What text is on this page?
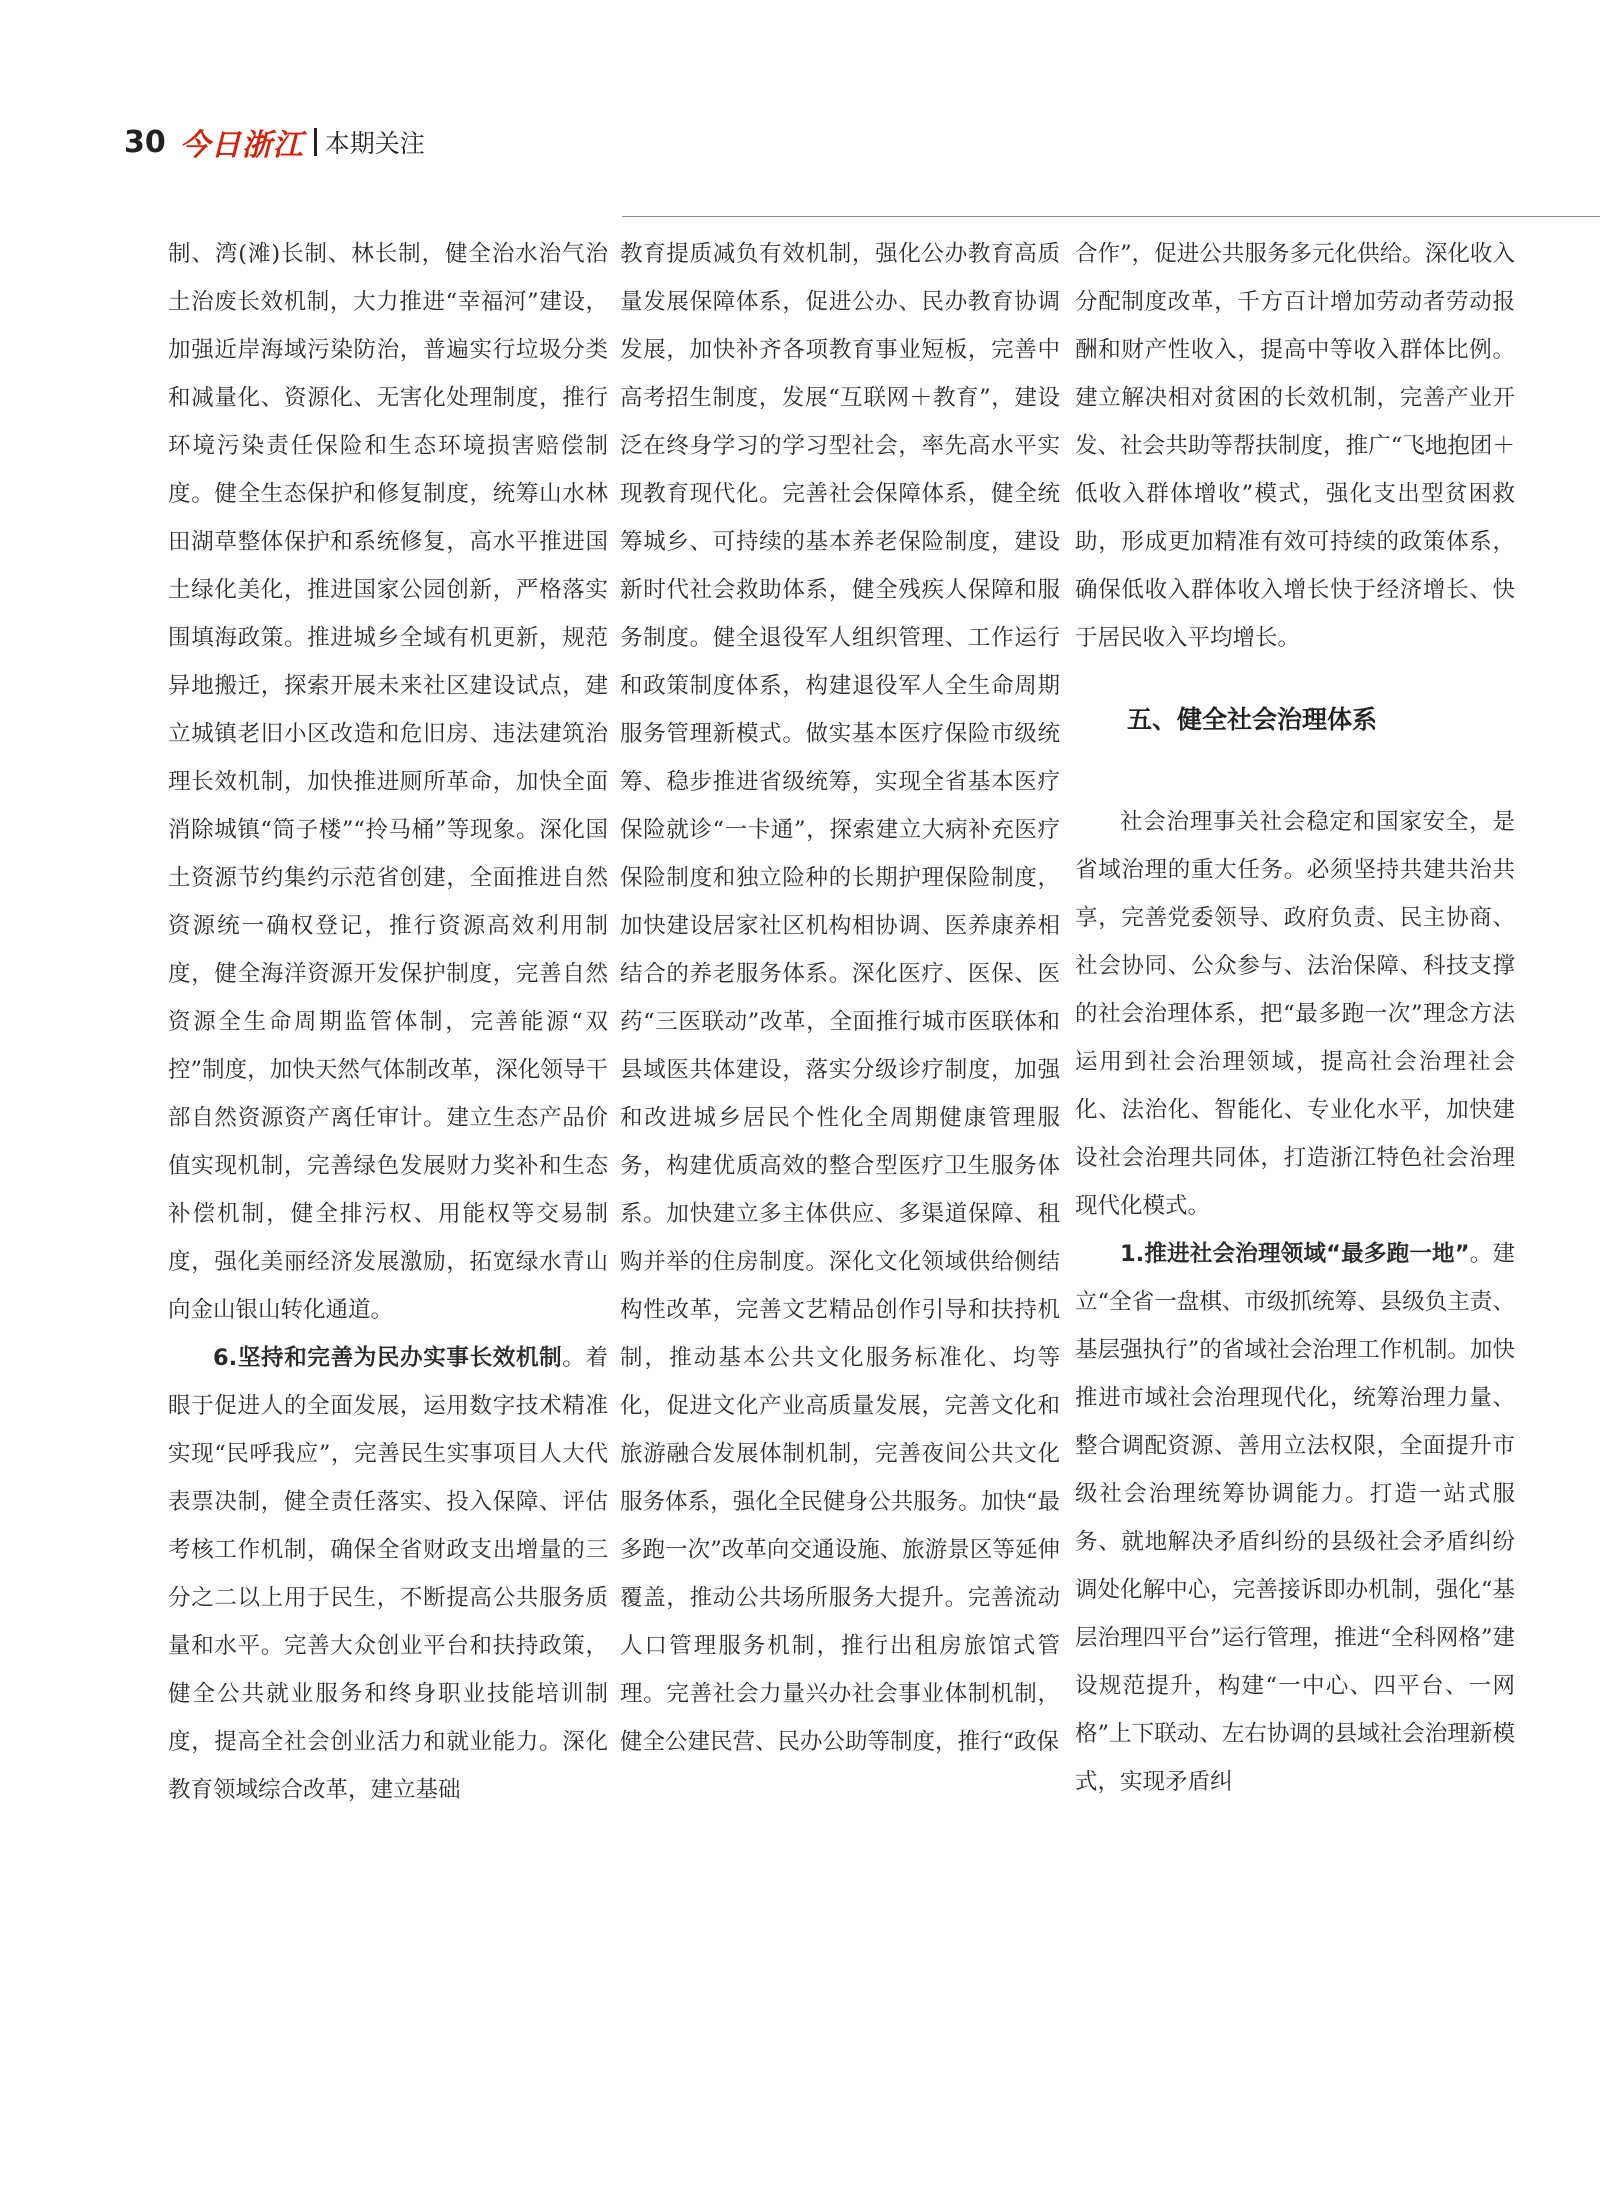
30 今日浙江 本期关注

制、湾(滩)长制、林长制，健全治水治气治土治废长效机制，大力推进“幸福河”建设，加强近岸海域污染防治，普遍实行垃圾分类和减量化、资源化、无害化处理制度，推行环境污染责任保险和生态环境损害赔偿制度。健全生态保护和修复制度，统筹山水林田湖草整体保护和系统修复，高水平推进国土绿化美化，推进国家公园创新，严格落实围填海政策。推进城乡全域有机更新，规范异地搬迁，探索开展未来社区建设试点，建立城镇老旧小区改造和危旧房、违法建筑治理长效机制，加快推进厕所革命，加快全面消除城镇“筒子楼”“拎马桶”等现象。深化国土资源节约集约示范省创建，全面推进自然资源统一确权登记，推行资源高效利用制度，健全海洋资源开发保护制度，完善自然资源全生命周期监管体制，完善能源“双控”制度，加快天然气体制改革，深化领导干部自然资源资产离任审计。建立生态产品价值实现机制，完善绿色发展财力奖补和生态补偿机制，健全排污权、用能权等交易制度，强化美丽经济发展激励，拓宽绿水青山向金山银山转化通道。

6.坚持和完善为民办实事长效机制。着眼于促进人的全面发展，运用数字技术精准实现“民呼我应”，完善民生实事项目人大代表票决制，健全责任落实、投入保障、评估考核工作机制，确保全省财政支出增量的三分之二以上用于民生，不断提高公共服务质量和水平。完善大众创业平台和扶持政策，健全公共就业服务和终身职业技能培训制度，提高全社会创业活力和就业能力。深化教育领域综合改革，建立基础

教育提质减负有效机制，强化公办教育高质量发展保障体系，促进公办、民办教育协调发展，加快补齐各项教育事业短板，完善中高考招生制度，发展“互联网＋教育”，建设泛在终身学习的学习型社会，率先高水平实现教育现代化。完善社会保障体系，健全统筹城乡、可持续的基本养老保险制度，建设新时代社会救助体系，健全残疾人保障和服务制度。健全退役军人组织管理、工作运行和政策制度体系，构建退役军人全生命周期服务管理新模式。做实基本医疗保险市级统筹、稳步推进省级统筹，实现全省基本医疗保险就诊“一卡通”，探索建立大病补充医疗保险制度和独立险种的长期护理保险制度，加快建设居家社区机构相协调、医养康养相结合的养老服务体系。深化医疗、医保、医药“三医联动”改革，全面推行城市医联体和县域医共体建设，落实分级诊疗制度，加强和改进城乡居民个性化全周期健康管理服务，构建优质高效的整合型医疗卫生服务体系。加快建立多主体供应、多渠道保障、租购并举的住房制度。深化文化领域供给侧结构性改革，完善文艺精品创作引导和扶持机制，推动基本公共文化服务标准化、均等化，促进文化产业高质量发展，完善文化和旅游融合发展体制机制，完善夜间公共文化服务体系，强化全民健身公共服务。加快“最多跑一次”改革向交通设施、旅游景区等延伸覆盖，推动公共场所服务大提升。完善流动人口管理服务机制，推行出租房旅馆式管理。完善社会力量兴办社会事业体制机制，健全公建民营、民办公助等制度，推行“政保

合作”，促进公共服务多元化供给。深化收入分配制度改革，千方百计增加劳动者劳动报酬和财产性收入，提高中等收入群体比例。建立解决相对贫困的长效机制，完善产业开发、社会共助等帮扶制度，推广“飞地抱团＋低收入群体增收”模式，强化支出型贫困救助，形成更加精准有效可持续的政策体系，确保低收入群体收入增长快于经济增长、快于居民收入平均增长。

五、健全社会治理体系

社会治理事关社会稳定和国家安全，是省域治理的重大任务。必须坚持共建共治共享，完善党委领导、政府负责、民主协商、社会协同、公众参与、法治保障、科技支撑的社会治理体系，把“最多跑一次”理念方法运用到社会治理领域，提高社会治理社会化、法治化、智能化、专业化水平，加快建设社会治理共同体，打造浙江特色社会治理现代化模式。

1.推进社会治理领域“最多跑一地”。建立“全省一盘棋、市级抓统筹、县级负主责、基层强执行”的省域社会治理工作机制。加快推进市域社会治理现代化，统筹治理力量、整合调配资源、善用立法权限，全面提升市级社会治理统筹协调能力。打造一站式服务、就地解决矛盾纠纷的县级社会矛盾纠纷调处化解中心，完善接诉即办机制，强化“基层治理四平台”运行管理，推进“全科网格”建设规范提升，构建“一中心、四平台、一网格”上下联动、左右协调的县域社会治理新模式，实现矛盾纠
